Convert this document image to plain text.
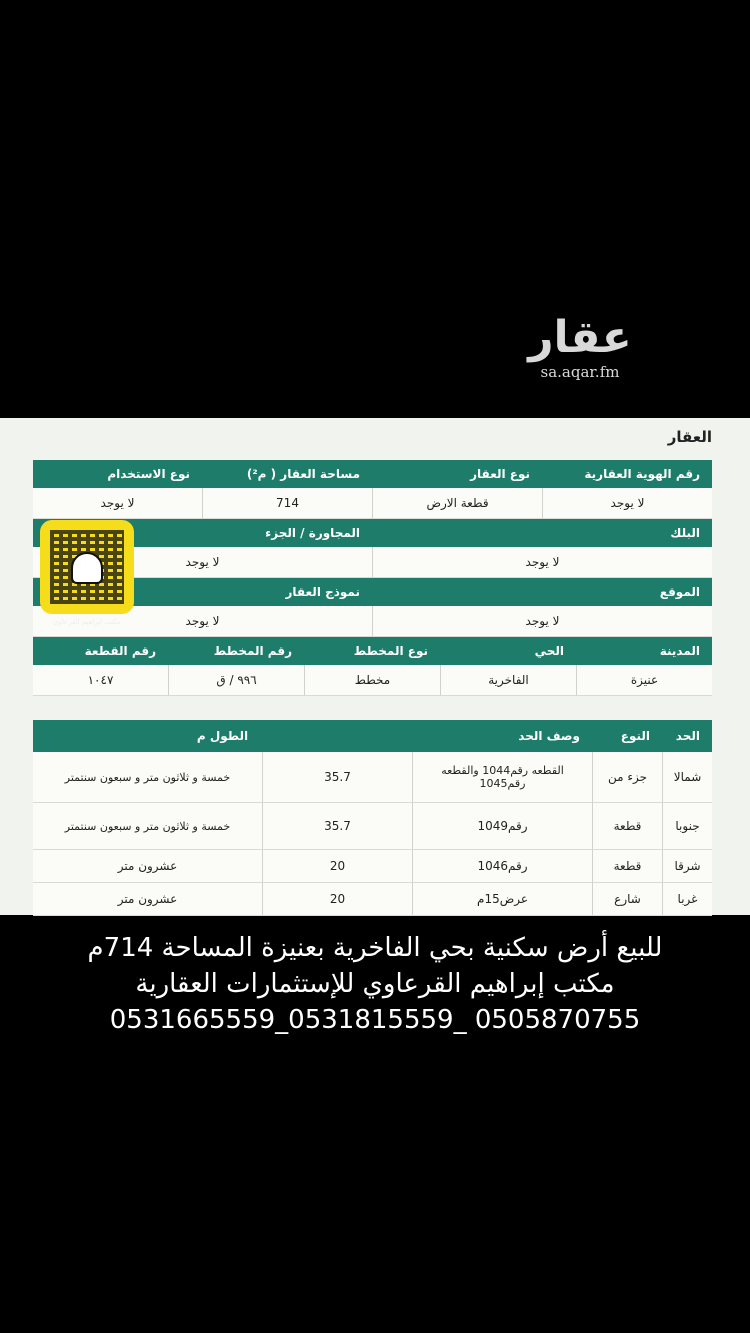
عقار
sa.aqar.fm
العقار
رقم الهوية العقارية
نوع العقار
مساحة العقار ( م²)
نوع الاستخدام
لا يوجد
قطعة الارض
714
لا يوجد
البلك
المجاورة / الجزء
لا يوجد
لا يوجد
الموقع
نموذج العقار
لا يوجد
لا يوجد
المدينة
الحي
نوع المخطط
رقم المخطط
رقم القطعة
عنيزة
الفاخرية
مخطط
٩٩٦ / ق
١٠٤٧
الحد
النوع
وصف الحد
الطول م
شمالا
جزء من
القطعه رقم1044 والقطعه رقم1045
35.7
خمسة و ثلاثون متر و سبعون سنتمتر
جنوبا
قطعة
رقم1049
35.7
خمسة و ثلاثون متر و سبعون سنتمتر
شرقا
قطعة
رقم1046
20
عشرون متر
غربا
شارع
عرض15م
20
عشرون متر
مكتب ابراهيم القرعاوي
للبيع أرض سكنية بحي الفاخرية بعنيزة المساحة 714م
مكتب إبراهيم القرعاوي للإستثمارات العقارية
0531665559_0531815559_ 0505870755
